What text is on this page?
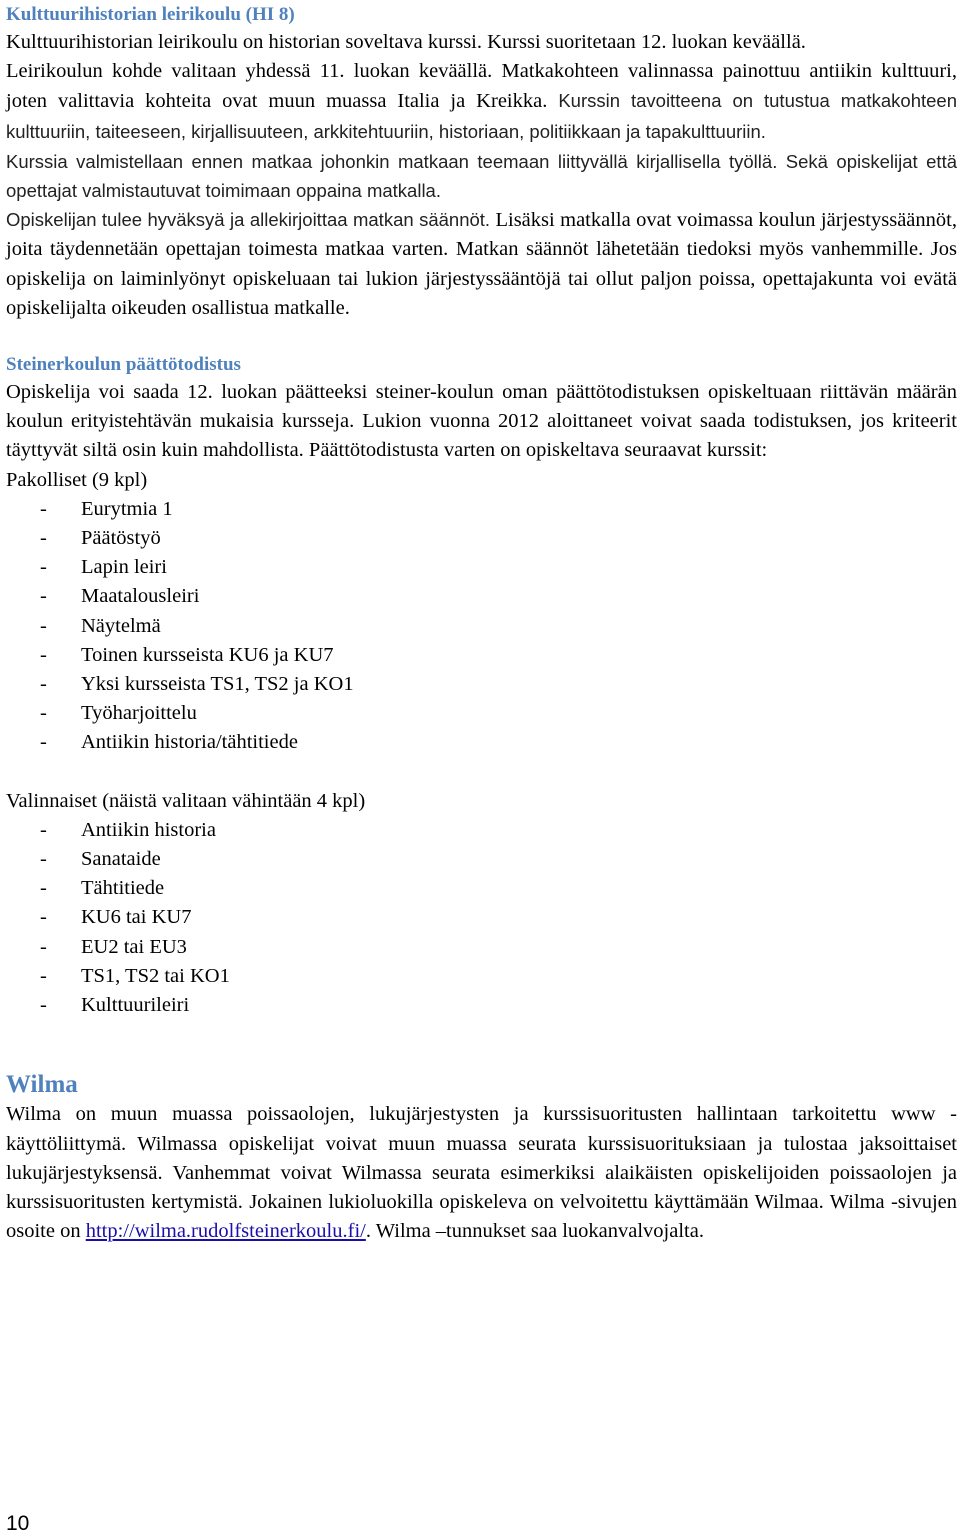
Kulttuurihistorian leirikoulu (HI 8)

Kulttuurihistorian leirikoulu on historian soveltava kurssi. Kurssi suoritetaan 12. luokan keväällä.

Leirikoulun kohde valitaan yhdessä 11. luokan keväällä. Matkakohteen valinnassa painottuu antiikin kulttuuri, joten valittavia kohteita ovat muun muassa Italia ja Kreikka. Kurssin tavoitteena on tutustua matkakohteen kulttuuriin, taiteeseen, kirjallisuuteen, arkkitehtuuriin, historiaan, politiikkaan ja tapakulttuuriin.

Kurssia valmistellaan ennen matkaa johonkin matkaan teemaan liittyvällä kirjallisella työllä. Sekä opiskelijat että opettajat valmistautuvat toimimaan oppaina matkalla.

Opiskelijan tulee hyväksyä ja allekirjoittaa matkan säännöt. Lisäksi matkalla ovat voimassa koulun järjestyssäännöt, joita täydennetään opettajan toimesta matkaa varten. Matkan säännöt lähetetään tiedoksi myös vanhemmille. Jos opiskelija on laiminlyönyt opiskeluaan tai lukion järjestyssääntöjä tai ollut paljon poissa, opettajakunta voi evätä opiskelijalta oikeuden osallistua matkalle.

Steinerkoulun päättötodistus

Opiskelija voi saada 12. luokan päätteeksi steiner-koulun oman päättötodistuksen opiskeltuaan riittävän määrän koulun erityistehtävän mukaisia kursseja. Lukion vuonna 2012 aloittaneet voivat saada todistuksen, jos kriteerit täyttyvät siltä osin kuin mahdollista. Päättötodistusta varten on opiskeltava seuraavat kurssit:

Pakolliset (9 kpl)

- Eurytmia 1
- Päätöstyö
- Lapin leiri
- Maatalousleiri
- Näytelmä
- Toinen kursseista KU6 ja KU7
- Yksi kursseista TS1, TS2 ja KO1
- Työharjoittelu
- Antiikin historia/tähtitiede

Valinnaiset (näistä valitaan vähintään 4 kpl)

- Antiikin historia
- Sanataide
- Tähtitiede
- KU6 tai KU7
- EU2 tai EU3
- TS1, TS2 tai KO1
- Kulttuurileiri
Wilma

Wilma on muun muassa poissaolojen, lukujärjestysten ja kurssisuoritusten hallintaan tarkoitettu www -käyttöliittymä. Wilmassa opiskelijat voivat muun muassa seurata kurssisuorituksiaan ja tulostaa jaksoittaiset lukujärjestyksensä. Vanhemmat voivat Wilmassa seurata esimerkiksi alaikäisten opiskelijoiden poissaolojen ja kurssisuoritusten kertymistä. Jokainen lukioluokilla opiskeleva on velvoitettu käyttämään Wilmaa. Wilma -sivujen osoite on http://wilma.rudolfsteinerkoulu.fi/. Wilma –tunnukset saa luokanvalvojalta.

10
